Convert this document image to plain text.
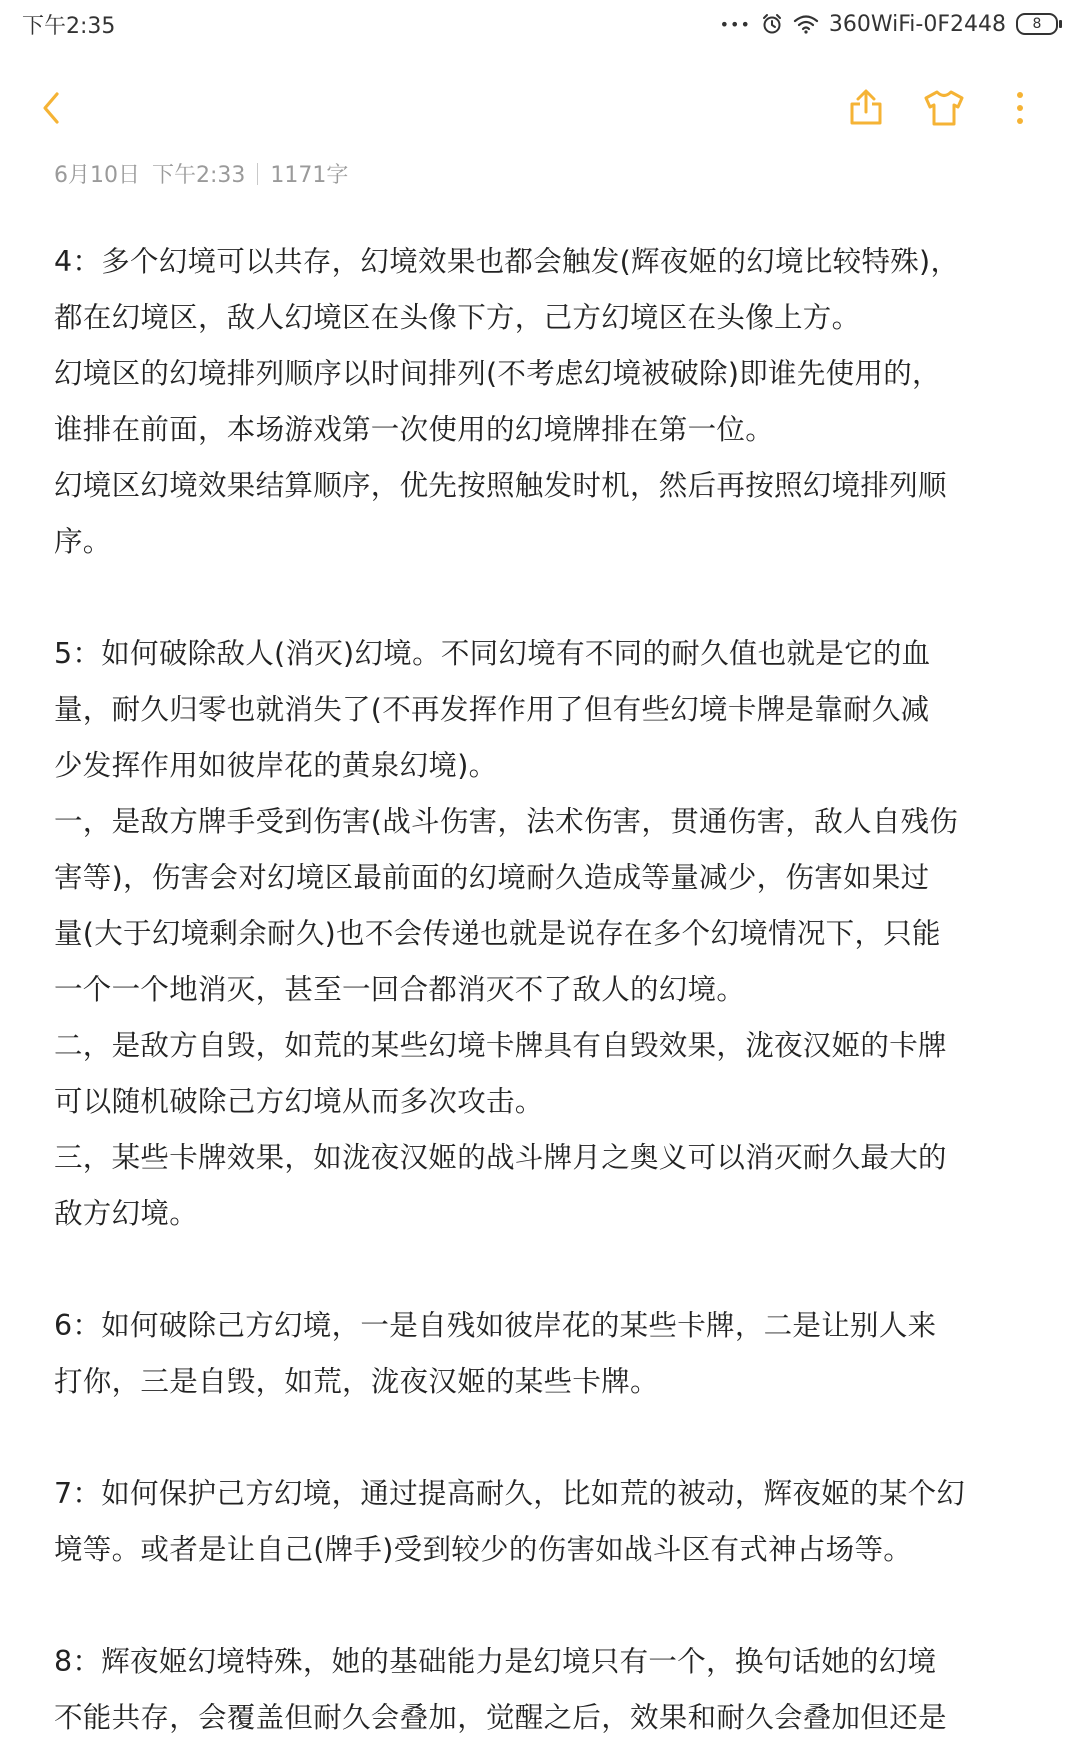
下午2:35	•••	360WiFi-0F2448 8
6月10日 下午2:33 1171字

4：多个幻境可以共存，幻境效果也都会触发(辉夜姬的幻境比较特殊)，

都在幻境区，敌人幻境区在头像下方，己方幻境区在头像上方。

幻境区的幻境排列顺序以时间排列(不考虑幻境被破除)即谁先使用的，

谁排在前面，本场游戏第一次使用的幻境牌排在第一位。

幻境区幻境效果结算顺序，优先按照触发时机，然后再按照幻境排列顺

序。

5：如何破除敌人(消灭)幻境。不同幻境有不同的耐久值也就是它的血

量，耐久归零也就消失了(不再发挥作用了但有些幻境卡牌是靠耐久减

少发挥作用如彼岸花的黄泉幻境)。

一，是敌方牌手受到伤害(战斗伤害，法术伤害，贯通伤害，敌人自残伤

害等)，伤害会对幻境区最前面的幻境耐久造成等量减少，伤害如果过

量(大于幻境剩余耐久)也不会传递也就是说存在多个幻境情况下，只能

一个一个地消灭，甚至一回合都消灭不了敌人的幻境。

二，是敌方自毁，如荒的某些幻境卡牌具有自毁效果，泷夜汉姬的卡牌

可以随机破除己方幻境从而多次攻击。

三，某些卡牌效果，如泷夜汉姬的战斗牌月之奥义可以消灭耐久最大的

敌方幻境。

6：如何破除己方幻境，一是自残如彼岸花的某些卡牌，二是让别人来

打你，三是自毁，如荒，泷夜汉姬的某些卡牌。

7：如何保护己方幻境，通过提高耐久，比如荒的被动，辉夜姬的某个幻

境等。或者是让自己(牌手)受到较少的伤害如战斗区有式神占场等。

8：辉夜姬幻境特殊，她的基础能力是幻境只有一个，换句话她的幻境

不能共存，会覆盖但耐久会叠加，觉醒之后，效果和耐久会叠加但还是
